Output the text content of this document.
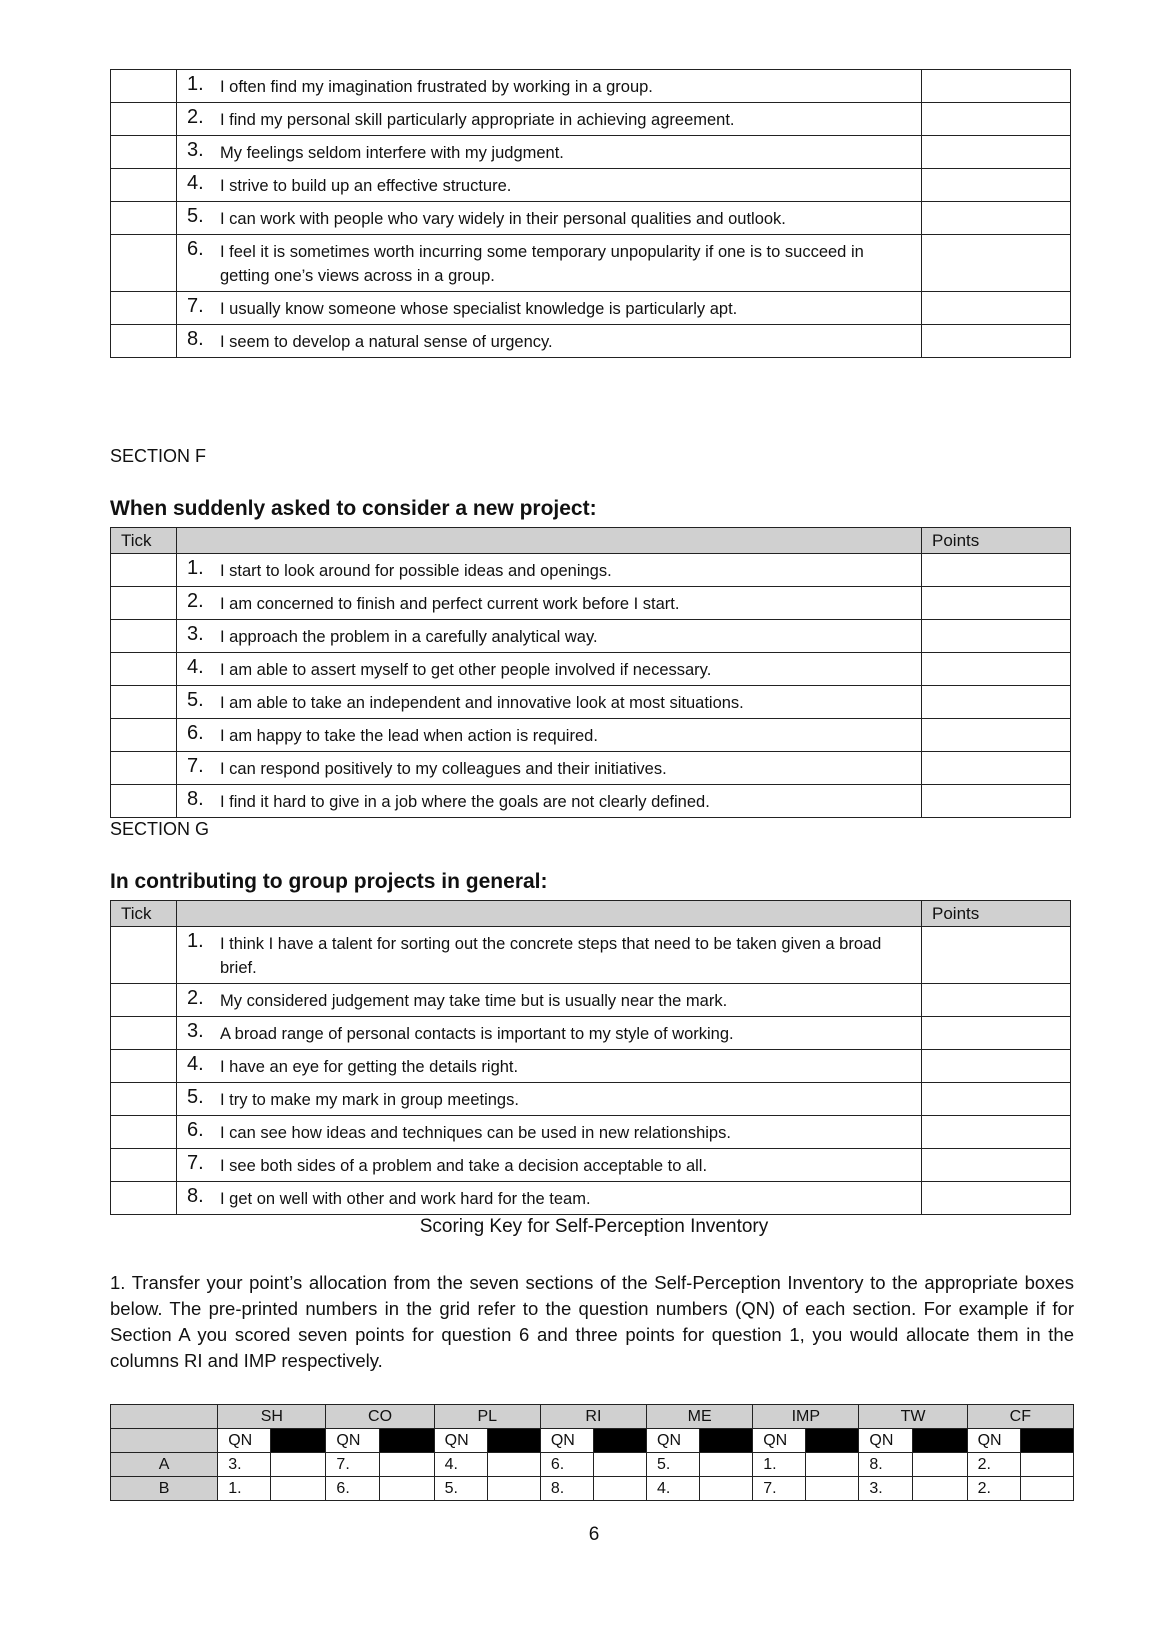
	1. I often find my imagination frustrated by working in a group.	

	2. I find my personal skill particularly appropriate in achieving agreement.	

	3. My feelings seldom interfere with my judgment.	

	4. I strive to build up an effective structure.	

	5. I can work with people who vary widely in their personal qualities and outlook.	

	6. I feel it is sometimes worth incurring some temporary unpopularity if one is to succeed in getting one’s views across in a group.	

	7. I usually know someone whose specialist knowledge is particularly apt.	

	8. I seem to develop a natural sense of urgency.	

SECTION F
When suddenly asked to consider a new project:
Tick		Points

	1. I start to look around for possible ideas and openings.	

	2. I am concerned to finish and perfect current work before I start.	

	3. I approach the problem in a carefully analytical way.	

	4. I am able to assert myself to get other people involved if necessary.	

	5. I am able to take an independent and innovative look at most situations.	

	6. I am happy to take the lead when action is required.	

	7. I can respond positively to my colleagues and their initiatives.	

	8. I find it hard to give in a job where the goals are not clearly defined.	

SECTION G
In contributing to group projects in general:
Tick		Points

	1. I think I have a talent for sorting out the concrete steps that need to be taken given a broad brief.	

	2. My considered judgement may take time but is usually near the mark.	

	3. A broad range of personal contacts is important to my style of working.	

	4. I have an eye for getting the details right.	

	5. I try to make my mark in group meetings.	

	6. I can see how ideas and techniques can be used in new relationships.	

	7. I see both sides of a problem and take a decision acceptable to all.	

	8. I get on well with other and work hard for the team.	

Scoring Key for Self-Perception Inventory
1. Transfer your point’s allocation from the seven sections of the Self-Perception Inventory to the appropriate boxes below. The pre-printed numbers in the grid refer to the question numbers (QN) of each section. For example if for Section A you scored seven points for question 6 and three points for question 1, you would allocate them in the columns RI and IMP respectively.
	SH		CO		PL		RI		ME		IMP		TW		CF	
	QN		QN		QN		QN		QN		QN		QN		QN	
A	3.		7.		4.		6.		5.		1.		8.		2.	
B	1.		6.		5.		8.		4.		7.		3.		2.	
6
